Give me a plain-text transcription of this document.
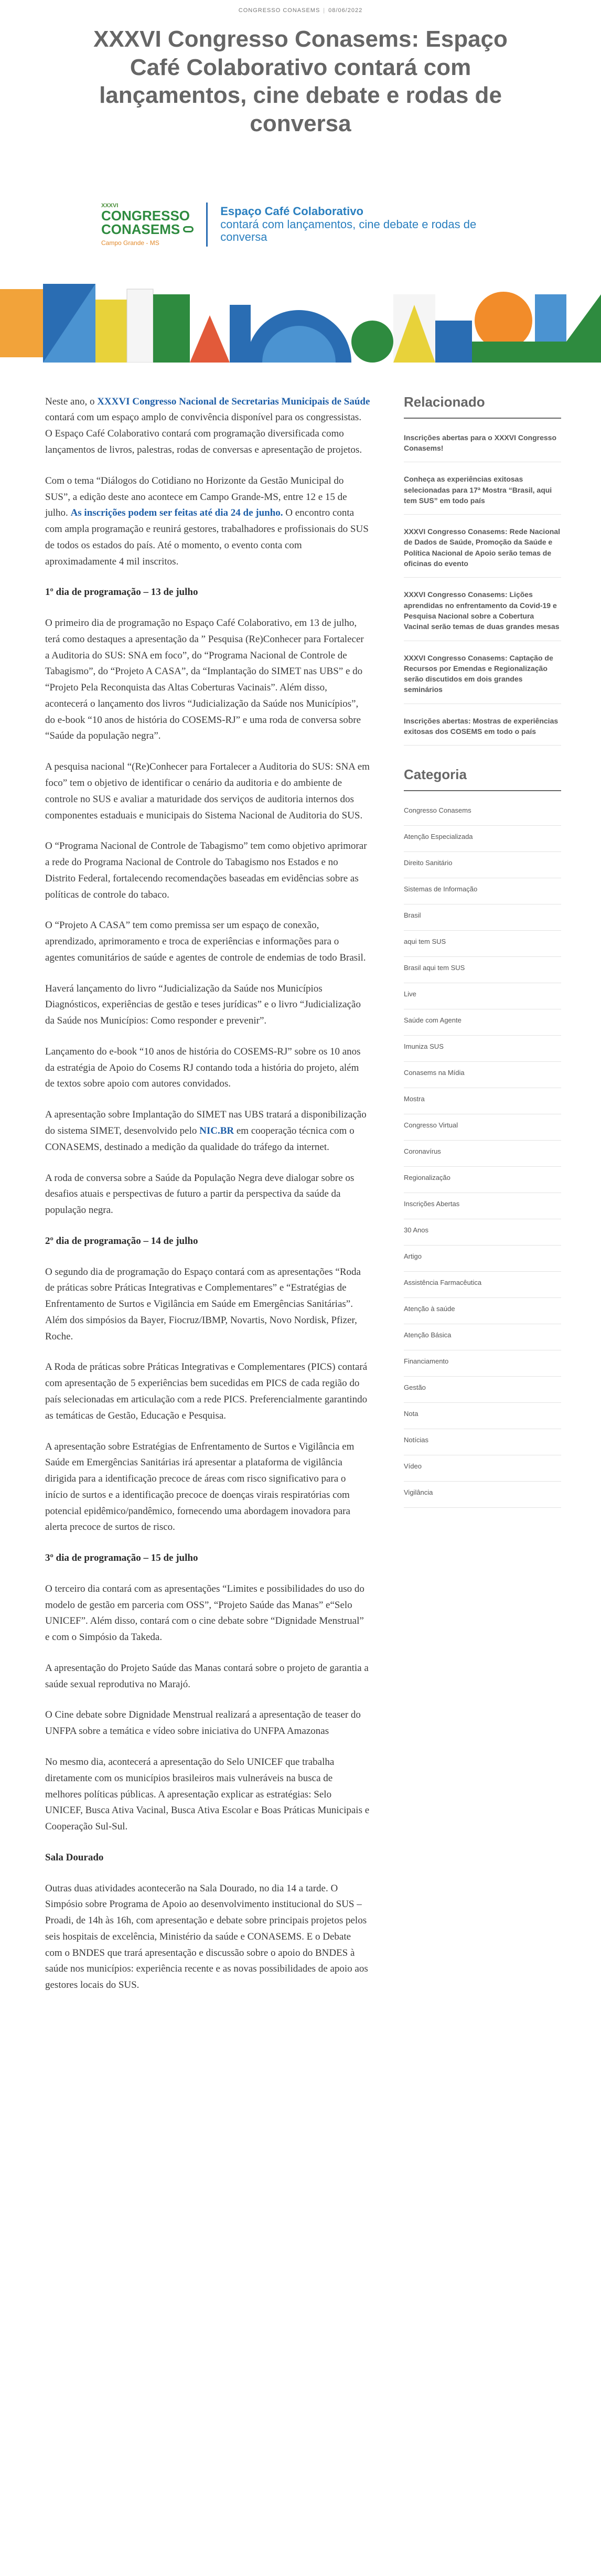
CONGRESSO CONASEMS | 08/06/2022
XXXVI Congresso Conasems: Espaço Café Colaborativo contará com lançamentos, cine debate e rodas de conversa
XXXVI
CONGRESSO
CONASEMS
Campo Grande - MS
Espaço Café Colaborativo
contará com lançamentos, cine debate e rodas de conversa

Neste ano, o XXXVI Congresso Nacional de Secretarias Municipais de Saúde contará com um espaço amplo de convivência disponível para os congressistas. O Espaço Café Colaborativo contará com programação diversificada como lançamentos de livros, palestras, rodas de conversas e apresentação de projetos.

Com o tema “Diálogos do Cotidiano no Horizonte da Gestão Municipal do SUS”, a edição deste ano acontece em Campo Grande-MS, entre 12 e 15 de julho. As inscrições podem ser feitas até dia 24 de junho. O encontro conta com ampla programação e reunirá gestores, trabalhadores e profissionais do SUS de todos os estados do país. Até o momento, o evento conta com aproximadamente 4 mil inscritos.

1º dia de programação – 13 de julho

O primeiro dia de programação no Espaço Café Colaborativo, em 13 de julho, terá como destaques a apresentação da ” Pesquisa (Re)Conhecer para Fortalecer a Auditoria do SUS: SNA em foco”, do “Programa Nacional de Controle de Tabagismo”, do “Projeto A CASA”, da “Implantação do SIMET nas UBS” e do “Projeto Pela Reconquista das Altas Coberturas Vacinais”. Além disso, acontecerá o lançamento dos livros “Judicialização da Saúde nos Municípios”, do e-book “10 anos de história do COSEMS-RJ” e uma roda de conversa sobre “Saúde da população negra”.

A pesquisa nacional “(Re)Conhecer para Fortalecer a Auditoria do SUS: SNA em foco” tem o objetivo de identificar o cenário da auditoria e do ambiente de controle no SUS e avaliar a maturidade dos serviços de auditoria internos dos componentes estaduais e municipais do Sistema Nacional de Auditoria do SUS.

O “Programa Nacional de Controle de Tabagismo” tem como objetivo aprimorar a rede do Programa Nacional de Controle do Tabagismo nos Estados e no Distrito Federal, fortalecendo recomendações baseadas em evidências sobre as políticas de controle do tabaco.

O “Projeto A CASA” tem como premissa ser um espaço de conexão, aprendizado, aprimoramento e troca de experiências e informações para o agentes comunitários de saúde e agentes de controle de endemias de todo Brasil.

Haverá lançamento do livro “Judicialização da Saúde nos Municípios Diagnósticos, experiências de gestão e teses jurídicas” e o livro “Judicialização da Saúde nos Municípios: Como responder e prevenir”.

Lançamento do e-book “10 anos de história do COSEMS-RJ” sobre os 10 anos da estratégia de Apoio do Cosems RJ contando toda a história do projeto, além de textos sobre apoio com autores convidados.

A apresentação sobre Implantação do SIMET nas UBS tratará a disponibilização do sistema SIMET, desenvolvido pelo NIC.BR em cooperação técnica com o CONASEMS, destinado a medição da qualidade do tráfego da internet.

A roda de conversa sobre a Saúde da População Negra deve dialogar sobre os desafios atuais e perspectivas de futuro a partir da perspectiva da saúde da população negra.

2º dia de programação – 14 de julho

O segundo dia de programação do Espaço contará com as apresentações “Roda de práticas sobre Práticas Integrativas e Complementares” e “Estratégias de Enfrentamento de Surtos e Vigilância em Saúde em Emergências Sanitárias”. Além dos simpósios da Bayer, Fiocruz/IBMP, Novartis, Novo Nordisk, Pfizer, Roche.

A Roda de práticas sobre Práticas Integrativas e Complementares (PICS) contará com apresentação de 5 experiências bem sucedidas em PICS de cada região do país selecionadas em articulação com a rede PICS. Preferencialmente garantindo as temáticas de Gestão, Educação e Pesquisa.

A apresentação sobre Estratégias de Enfrentamento de Surtos e Vigilância em Saúde em Emergências Sanitárias irá apresentar a plataforma de vigilância dirigida para a identificação precoce de áreas com risco significativo para o início de surtos e a identificação precoce de doenças virais respiratórias com potencial epidêmico/pandêmico, fornecendo uma abordagem inovadora para alerta precoce de surtos de risco.

3º dia de programação – 15 de julho

O terceiro dia contará com as apresentações “Limites e possibilidades do uso do modelo de gestão em parceria com OSS”, “Projeto Saúde das Manas” e“Selo UNICEF”. Além disso, contará com o cine debate sobre “Dignidade Menstrual” e com o Simpósio da Takeda.

A apresentação do Projeto Saúde das Manas contará sobre o projeto de garantia a saúde sexual reprodutiva no Marajó.

O Cine debate sobre Dignidade Menstrual realizará a apresentação de teaser do UNFPA sobre a temática e vídeo sobre iniciativa do UNFPA Amazonas

No mesmo dia, acontecerá a apresentação do Selo UNICEF que trabalha diretamente com os municípios brasileiros mais vulneráveis na busca de melhores políticas públicas. A apresentação explicar as estratégias: Selo UNICEF, Busca Ativa Vacinal, Busca Ativa Escolar e Boas Práticas Municipais e Cooperação Sul-Sul.

Sala Dourado

Outras duas atividades acontecerão na Sala Dourado, no dia 14 a tarde. O Simpósio sobre Programa de Apoio ao desenvolvimento institucional do SUS – Proadi, de 14h às 16h, com apresentação e debate sobre principais projetos pelos seis hospitais de excelência, Ministério da saúde e CONASEMS. E o Debate com o BNDES que trará apresentação e discussão sobre o apoio do BNDES à saúde nos municípios: experiência recente e as novas possibilidades de apoio aos gestores locais do SUS.

Relacionado
Inscrições abertas para o XXXVI Congresso Conasems!
Conheça as experiências exitosas selecionadas para 17ª Mostra “Brasil, aqui tem SUS” em todo país
XXXVI Congresso Conasems: Rede Nacional de Dados de Saúde, Promoção da Saúde e Política Nacional de Apoio serão temas de oficinas do evento
XXXVI Congresso Conasems: Lições aprendidas no enfrentamento da Covid-19 e Pesquisa Nacional sobre a Cobertura Vacinal serão temas de duas grandes mesas
XXXVI Congresso Conasems: Captação de Recursos por Emendas e Regionalização serão discutidos em dois grandes seminários
Inscrições abertas: Mostras de experiências exitosas dos COSEMS em todo o país
Categoria
Congresso Conasems
Atenção Especializada
Direito Sanitário
Sistemas de Informação
Brasil
aqui tem SUS
Brasil aqui tem SUS
Live
Saúde com Agente
Imuniza SUS
Conasems na Mídia
Mostra
Congresso Virtual
Coronavírus
Regionalização
Inscrições Abertas
30 Anos
Artigo
Assistência Farmacêutica
Atenção à saúde
Atenção Básica
Financiamento
Gestão
Nota
Notícias
Vídeo
Vigilância
